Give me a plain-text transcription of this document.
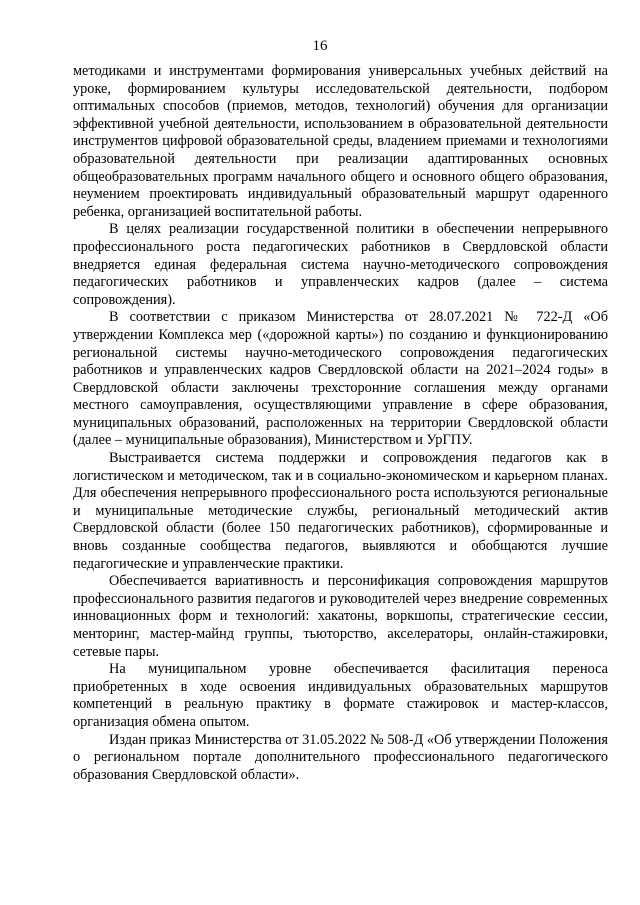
16

методиками и инструментами формирования универсальных учебных действий на уроке, формированием культуры исследовательской деятельности, подбором оптимальных способов (приемов, методов, технологий) обучения для организации эффективной учебной деятельности, использованием в образовательной деятельности инструментов цифровой образовательной среды, владением приемами и технологиями образовательной деятельности при реализации адаптированных основных общеобразовательных программ начального общего и основного общего образования, неумением проектировать индивидуальный образовательный маршрут одаренного ребенка, организацией воспитательной работы.

В целях реализации государственной политики в обеспечении непрерывного профессионального роста педагогических работников в Свердловской области внедряется единая федеральная система научно-методического сопровождения педагогических работников и управленческих кадров (далее – система сопровождения).

В соответствии с приказом Министерства от 28.07.2021 № 722-Д «Об утверждении Комплекса мер («дорожной карты») по созданию и функционированию региональной системы научно-методического сопровождения педагогических работников и управленческих кадров Свердловской области на 2021–2024 годы» в Свердловской области заключены трехсторонние соглашения между органами местного самоуправления, осуществляющими управление в сфере образования, муниципальных образований, расположенных на территории Свердловской области (далее – муниципальные образования), Министерством и УрГПУ.

Выстраивается система поддержки и сопровождения педагогов как в логистическом и методическом, так и в социально-экономическом и карьерном планах. Для обеспечения непрерывного профессионального роста используются региональные и муниципальные методические службы, региональный методический актив Свердловской области (более 150 педагогических работников), сформированные и вновь созданные сообщества педагогов, выявляются и обобщаются лучшие педагогические и управленческие практики.

Обеспечивается вариативность и персонификация сопровождения маршрутов профессионального развития педагогов и руководителей через внедрение современных инновационных форм и технологий: хакатоны, воркшопы, стратегические сессии, менторинг, мастер-майнд группы, тьюторство, акселераторы, онлайн-стажировки, сетевые пары.

На муниципальном уровне обеспечивается фасилитация переноса приобретенных в ходе освоения индивидуальных образовательных маршрутов компетенций в реальную практику в формате стажировок и мастер-классов, организация обмена опытом.

Издан приказ Министерства от 31.05.2022 № 508-Д «Об утверждении Положения о региональном портале дополнительного профессионального педагогического образования Свердловской области».
